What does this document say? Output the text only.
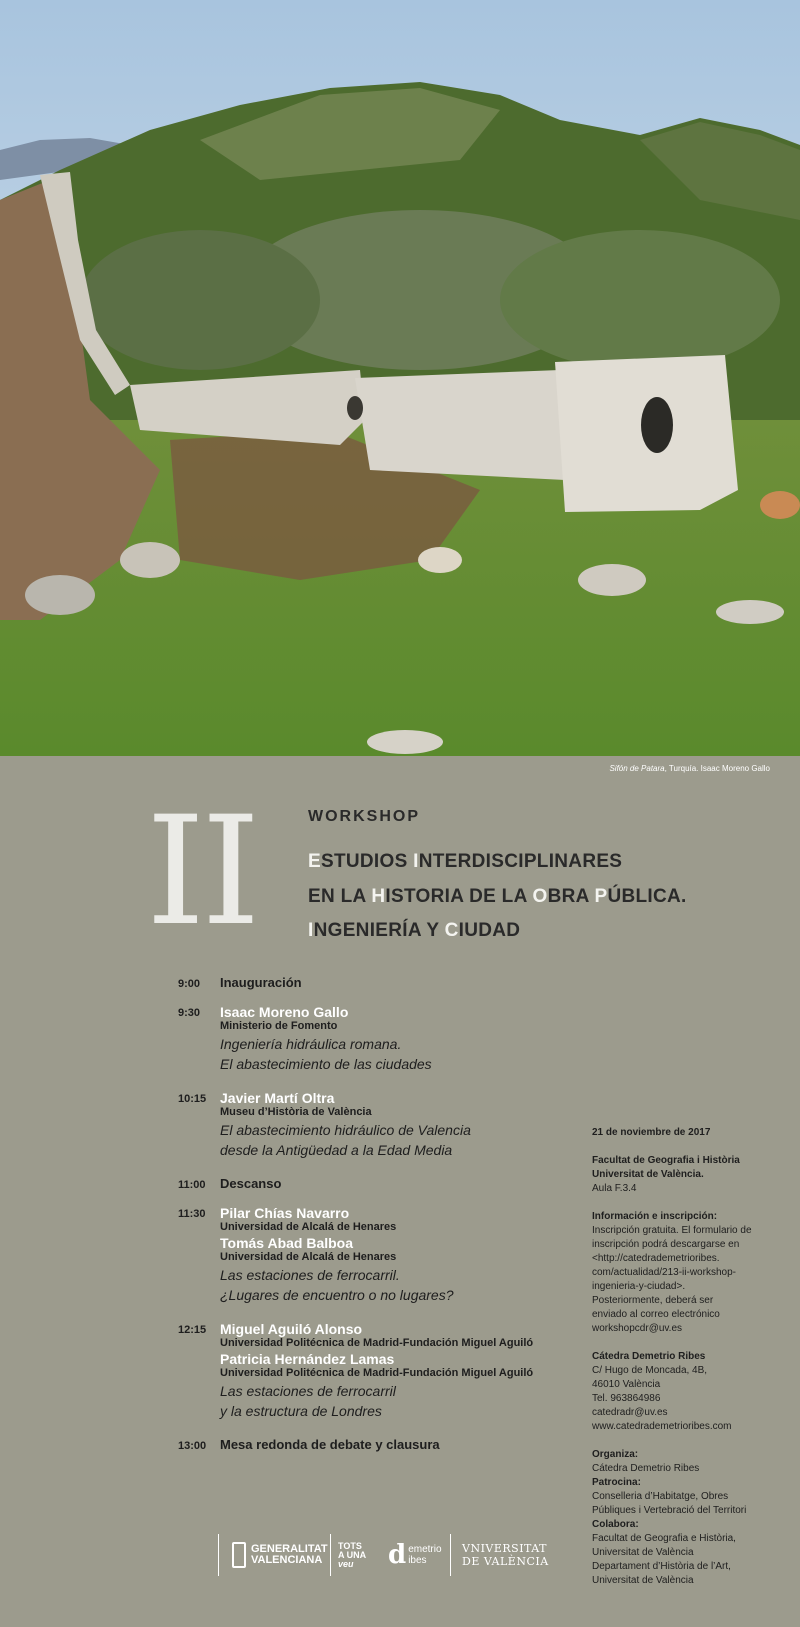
Sifón de Patara, Turquía. Isaac Moreno Gallo
II	WORKSHOP
ESTUDIOS INTERDISCIPLINARES
EN LA HISTORIA DE LA OBRA PÚBLICA.
INGENIERÍA Y CIUDAD
9:00	Inauguración
9:30	Isaac Moreno Gallo
Ministerio de Fomento
Ingeniería hidráulica romana.
El abastecimiento de las ciudades
10:15 Javier Martí Oltra
Museu d’Història de València
El abastecimiento hidráulico de Valencia
desde la Antigüedad a la Edad Media
11:00	Descanso
11:30	Pilar Chías Navarro
Universidad de Alcalá de Henares
Tomás Abad Balboa
Universidad de Alcalá de Henares
Las estaciones de ferrocarril.
¿Lugares de encuentro o no lugares?
12:15 Miguel Aguiló Alonso
Universidad Politécnica de Madrid-Fundación Miguel Aguiló
Patricia Hernández Lamas
Universidad Politécnica de Madrid-Fundación Miguel Aguiló
Las estaciones de ferrocarril
y la estructura de Londres
13:00	Mesa redonda de debate y clausura
21 de noviembre de 2017
Facultat de Geografia i Història
Universitat de València.
Aula F.3.4
Información e inscripción:
Inscripción gratuita. El formulario de
inscripción podrá descargarse en
<http://catedrademetrioribes.
com/actualidad/213-ii-workshop-
ingenieria-y-ciudad>.
Posteriormente, deberá ser
enviado al correo electrónico
workshopcdr@uv.es
Cátedra Demetrio Ribes
C/ Hugo de Moncada, 4B,
46010 València
Tel. 963864986
catedradr@uv.es
www.catedrademetrioribes.com
Organiza:
Cátedra Demetrio Ribes
Patrocina:
Conselleria d’Habitatge, Obres
Públiques i Vertebració del Territori
Colabora:
Facultat de Geografia e Història,
Universitat de València
Departament d’Història de l’Art,
Universitat de València
GENERALITAT
VALENCIANA
TOTS
A UNA
veu	d emetrio
ibes
VNIVERSITAT
DE VALÈNCIA
